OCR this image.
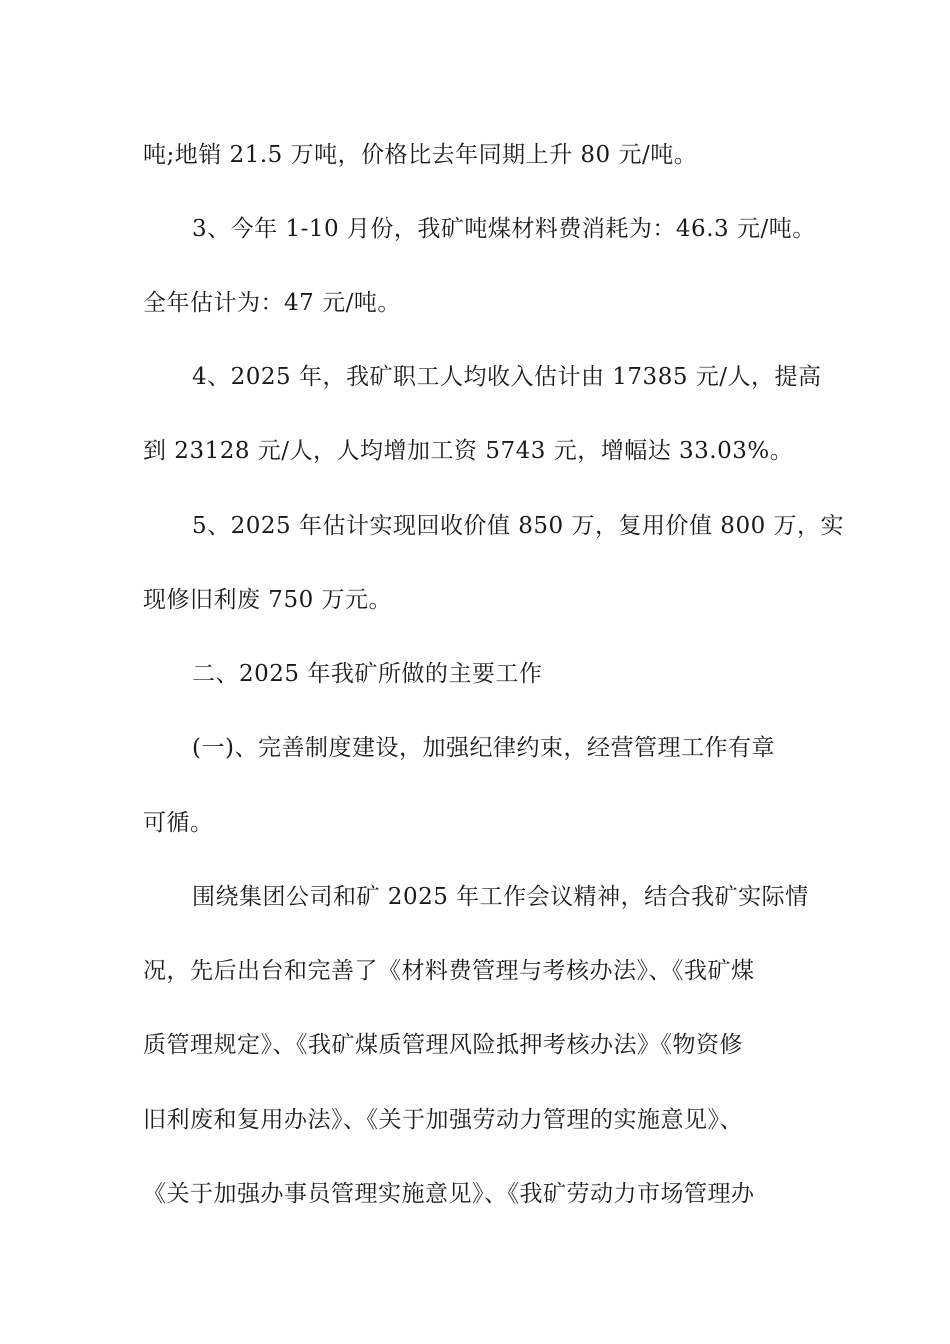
吨;地销 21.5 万吨，价格比去年同期上升 80 元/吨。
3、今年 1-10 月份，我矿吨煤材料费消耗为：46.3 元/吨。
全年估计为：47 元/吨。
4、2025 年，我矿职工人均收入估计由 17385 元/人，提高
到 23128 元/人，人均增加工资 5743 元，增幅达 33.03%。
5、2025 年估计实现回收价值 850 万，复用价值 800 万，实
现修旧利废 750 万元。
二、2025 年我矿所做的主要工作
(一)、完善制度建设，加强纪律约束，经营管理工作有章
可循。
围绕集团公司和矿 2025 年工作会议精神，结合我矿实际情
况，先后出台和完善了《材料费管理与考核办法》、《我矿煤
质管理规定》、《我矿煤质管理风险抵押考核办法》《物资修
旧利废和复用办法》、《关于加强劳动力管理的实施意见》、
《关于加强办事员管理实施意见》、《我矿劳动力市场管理办
